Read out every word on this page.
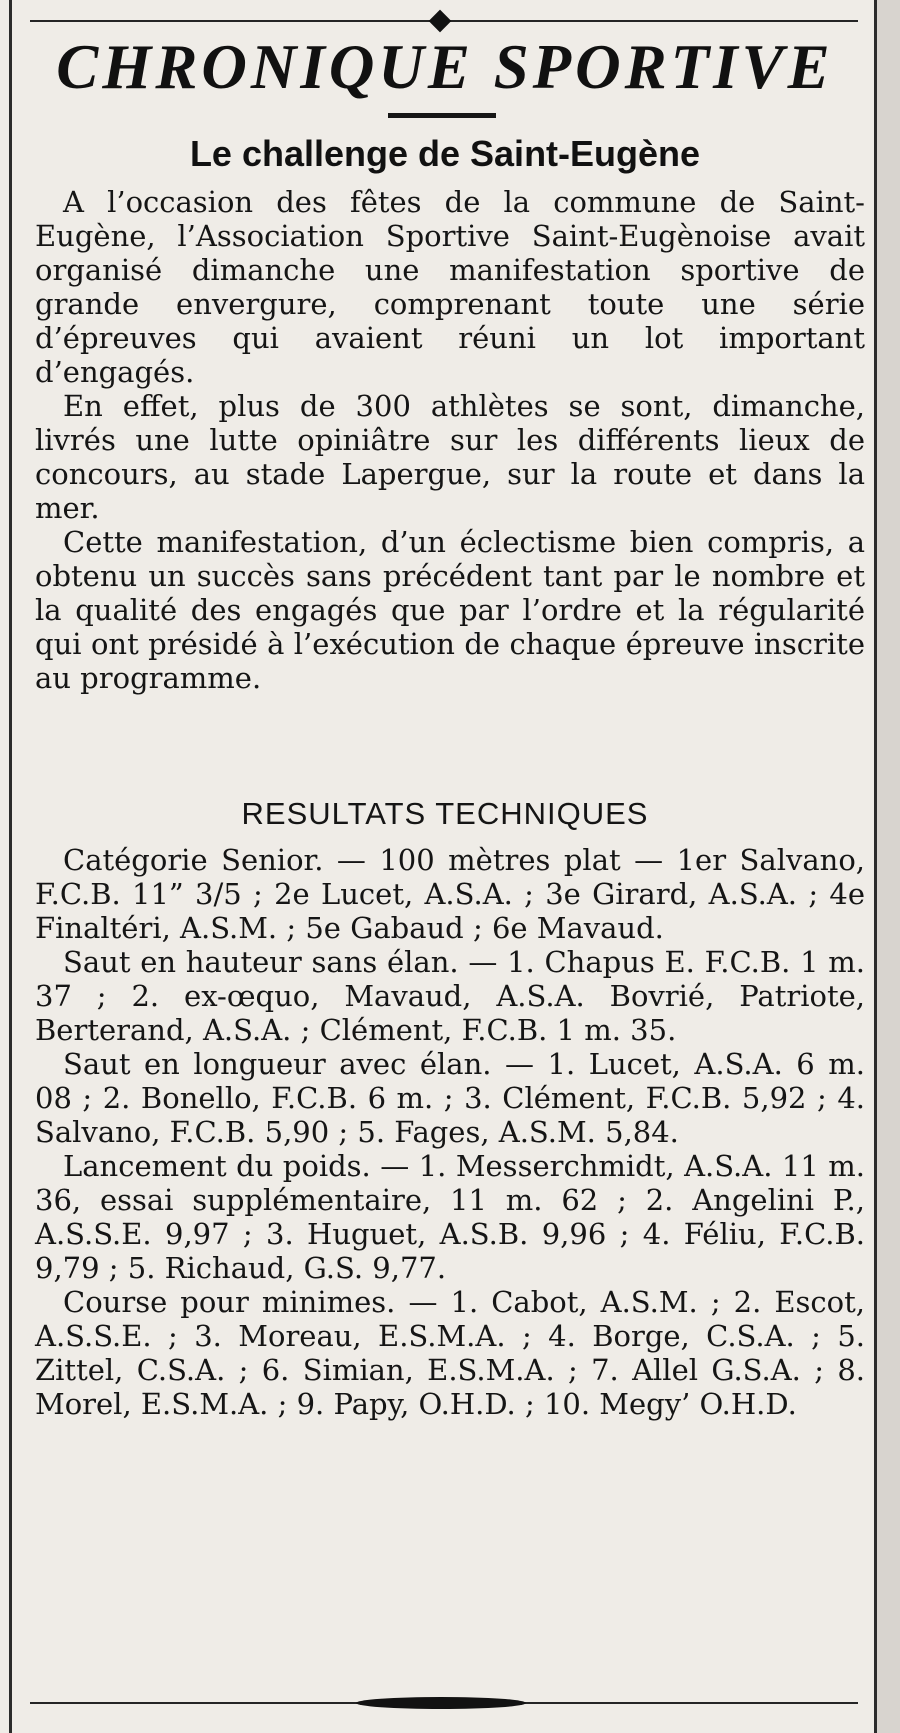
CHRONIQUE SPORTIVE
Le challenge de Saint-Eugène

A l’occasion des fêtes de la commune de Saint-Eugène, l’Association Sportive Saint-Eugènoise avait organisé dimanche une manifestation sportive de grande envergure, comprenant toute une série d’épreuves qui avaient réuni un lot important d’engagés.

En effet, plus de 300 athlètes se sont, dimanche, livrés une lutte opiniâtre sur les différents lieux de concours, au stade Lapergue, sur la route et dans la mer.

Cette manifestation, d’un éclectisme bien compris, a obtenu un succès sans précédent tant par le nombre et la qualité des engagés que par l’ordre et la régularité qui ont présidé à l’exécution de chaque épreuve inscrite au programme.

RESULTATS TECHNIQUES

Catégorie Senior. — 100 mètres plat — 1er Salvano, F.C.B. 11” 3/5 ; 2e Lucet, A.S.A. ; 3e Girard, A.S.A. ; 4e Finaltéri, A.S.M. ; 5e Gabaud ; 6e Mavaud.

Saut en hauteur sans élan. — 1. Chapus E. F.C.B. 1 m. 37 ; 2. ex-œquo, Mavaud, A.S.A. Bovrié, Patriote, Berterand, A.S.A. ; Clément, F.C.B. 1 m. 35.

Saut en longueur avec élan. — 1. Lucet, A.S.A. 6 m. 08 ; 2. Bonello, F.C.B. 6 m. ; 3. Clément, F.C.B. 5,92 ; 4. Salvano, F.C.B. 5,90 ; 5. Fages, A.S.M. 5,84.

Lancement du poids. — 1. Messerchmidt, A.S.A. 11 m. 36, essai supplémentaire, 11 m. 62 ; 2. Angelini P., A.S.S.E. 9,97 ; 3. Huguet, A.S.B. 9,96 ; 4. Féliu, F.C.B. 9,79 ; 5. Richaud, G.S. 9,77.

Course pour minimes. — 1. Cabot, A.S.M. ; 2. Escot, A.S.S.E. ; 3. Moreau, E.S.M.A. ; 4. Borge, C.S.A. ; 5. Zittel, C.S.A. ; 6. Simian, E.S.M.A. ; 7. Allel G.S.A. ; 8. Morel, E.S.M.A. ; 9. Papy, O.H.D. ; 10. Megy’ O.H.D.
